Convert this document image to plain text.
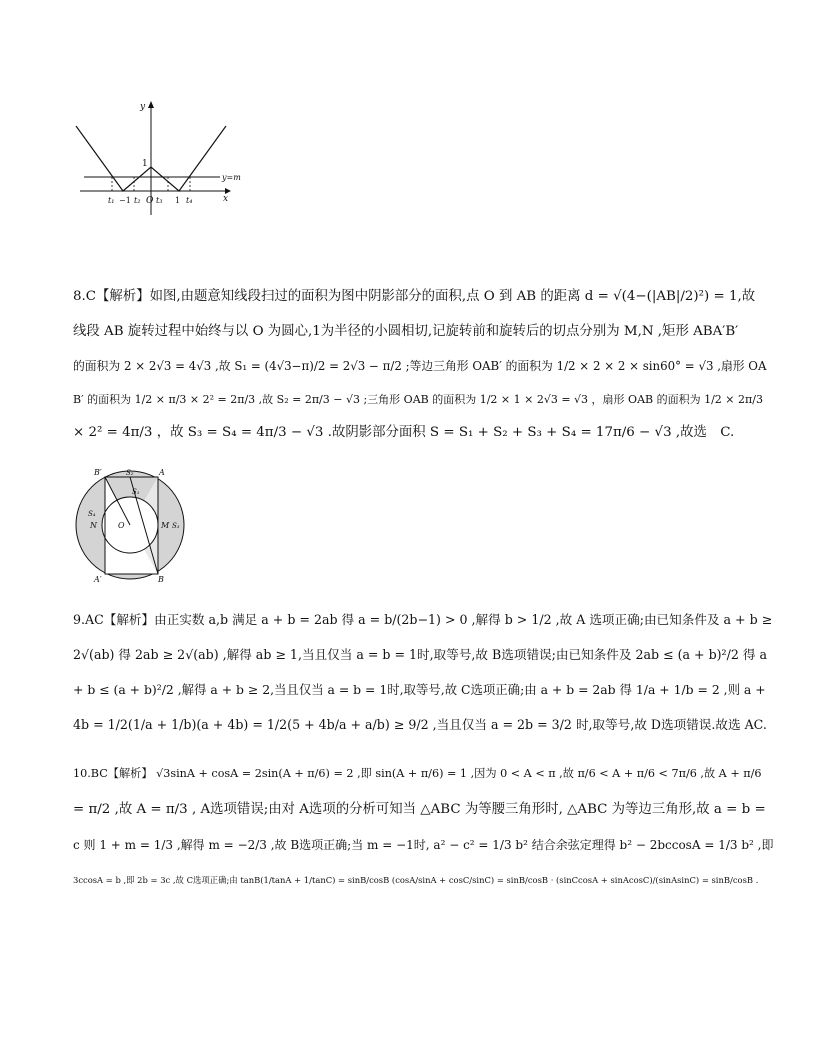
y
x
1
y=m
t₁ −1 t₂ O t₃ 1 t₄
8.C【解析】如图,由题意知线段扫过的面积为图中阴影部分的面积,点 O 到 AB 的距离 d = √(4−(|AB|/2)²) = 1,故
线段 AB 旋转过程中始终与以 O 为圆心,1为半径的小圆相切,记旋转前和旋转后的切点分别为 M,N ,矩形 ABA′B′
的面积为 2 × 2√3 = 4√3 ,故 S₁ = (4√3−π)/2 = 2√3 − π/2 ;等边三角形 OAB′ 的面积为 1/2 × 2 × 2 × sin60° = √3 ,扇形 OA
B′ 的面积为 1/2 × π/3 × 2² = 2π/3 ,故 S₂ = 2π/3 − √3 ;三角形 OAB 的面积为 1/2 × 1 × 2√3 = √3 ，扇形 OAB 的面积为 1/2 × 2π/3
× 2² = 4π/3 ，故 S₃ = S₄ = 4π/3 − √3 .故阴影部分面积 S = S₁ + S₂ + S₃ + S₄ = 17π/6 − √3 ,故选　C.
B′	S₂	A
S₁
S₄
N	O	M S₃
A′	B
9.AC【解析】由正实数 a,b 满足 a + b = 2ab 得 a = b/(2b−1) > 0 ,解得 b > 1/2 ,故 A 选项正确;由已知条件及 a + b ≥
2√(ab) 得 2ab ≥ 2√(ab) ,解得 ab ≥ 1,当且仅当 a = b = 1时,取等号,故 B选项错误;由已知条件及 2ab ≤ (a + b)²/2 得 a
+ b ≤ (a + b)²/2 ,解得 a + b ≥ 2,当且仅当 a = b = 1时,取等号,故 C选项正确;由 a + b = 2ab 得 1/a + 1/b = 2 ,则 a +
4b = 1/2(1/a + 1/b)(a + 4b) = 1/2(5 + 4b/a + a/b) ≥ 9/2 ,当且仅当 a = 2b = 3/2 时,取等号,故 D选项错误.故选 AC.
10.BC【解析】 √3sinA + cosA = 2sin(A + π/6) = 2 ,即 sin(A + π/6) = 1 ,因为 0 < A < π ,故 π/6 < A + π/6 < 7π/6 ,故 A + π/6
= π/2 ,故 A = π/3 , A选项错误;由对 A选项的分析可知当 △ABC 为等腰三角形时, △ABC 为等边三角形,故 a = b =
c 则 1 + m = 1/3 ,解得 m = −2/3 ,故 B选项正确;当 m = −1时, a² − c² = 1/3 b² 结合余弦定理得 b² − 2bccosA = 1/3 b² ,即
3ccosA = b ,即 2b = 3c ,故 C选项正确;由 tanB(1/tanA + 1/tanC) = sinB/cosB (cosA/sinA + cosC/sinC) = sinB/cosB · (sinCcosA + sinAcosC)/(sinAsinC) = sinB/cosB .
